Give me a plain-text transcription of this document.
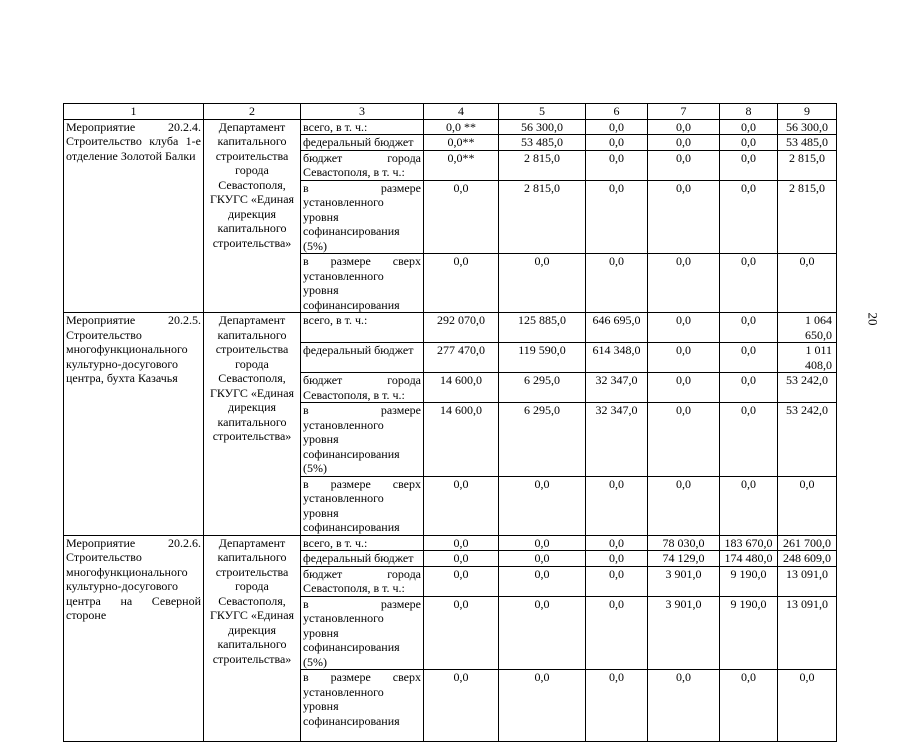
1	2	3	4	5	6	7	8	9
Мероприятие 20.2.4. Строительство клуба 1-е отделение Золотой Балки	Департамент капитального строительства города Севастополя, ГКУГС «Единая дирекция капитального строительства»	всего, в т. ч.:	0,0 **	56 300,0	0,0	0,0	0,0	56 300,0
		федеральный бюджет	0,0**	53 485,0	0,0	0,0	0,0	53 485,0
		бюджет города Севастополя, в т. ч.:	0,0**	2 815,0	0,0	0,0	0,0	2 815,0
		в размере установленного уровня софинансирования (5%)	0,0	2 815,0	0,0	0,0	0,0	2 815,0
		в размере сверх установленного уровня софинансирования	0,0	0,0	0,0	0,0	0,0	0,0
Мероприятие 20.2.5. Строительство многофункционального культурно-досугового центра, бухта Казачья	Департамент капитального строительства города Севастополя, ГКУГС «Единая дирекция капитального строительства»	всего, в т. ч.:	292 070,0	125 885,0	646 695,0	0,0	0,0	1 064 650,0
		федеральный бюджет	277 470,0	119 590,0	614 348,0	0,0	0,0	1 011 408,0
		бюджет города Севастополя, в т. ч.:	14 600,0	6 295,0	32 347,0	0,0	0,0	53 242,0
		в размере установленного уровня софинансирования (5%)	14 600,0	6 295,0	32 347,0	0,0	0,0	53 242,0
		в размере сверх установленного уровня софинансирования	0,0	0,0	0,0	0,0	0,0	0,0
Мероприятие 20.2.6. Строительство многофункционального культурно-досугового центра на Северной стороне	Департамент капитального строительства города Севастополя, ГКУГС «Единая дирекция капитального строительства»	всего, в т. ч.:	0,0	0,0	0,0	78 030,0	183 670,0	261 700,0
		федеральный бюджет	0,0	0,0	0,0	74 129,0	174 480,0	248 609,0
		бюджет города Севастополя, в т. ч.:	0,0	0,0	0,0	3 901,0	9 190,0	13 091,0
		в размере установленного уровня софинансирования (5%)	0,0	0,0	0,0	3 901,0	9 190,0	13 091,0
		в размере сверх установленного уровня софинансирования	0,0	0,0	0,0	0,0	0,0	0,0
20
